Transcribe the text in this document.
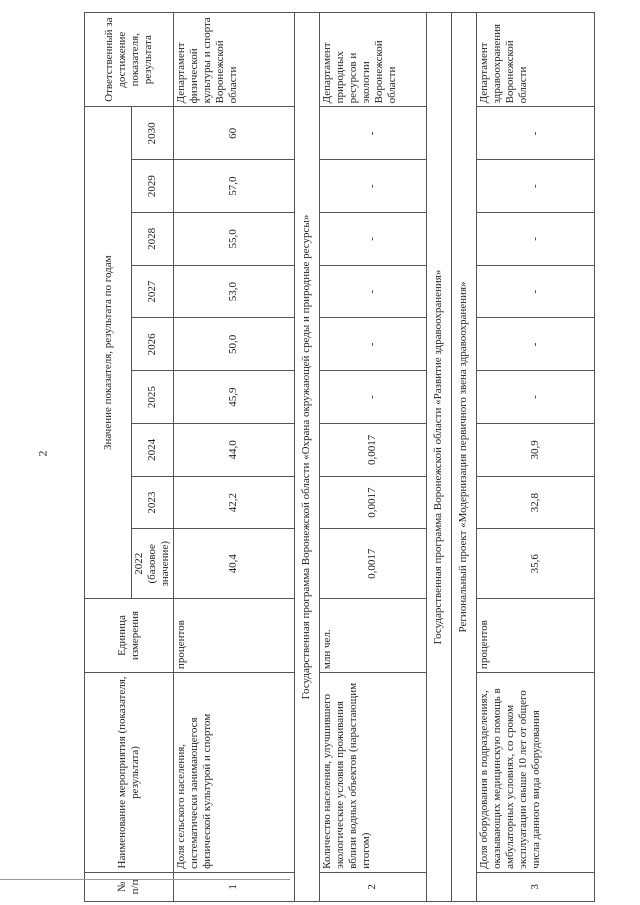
2
№ п/п	Наименование мероприятия (показателя, результата)	Единица измерения	Значение показателя, результата по годам									Ответственный за достижение показателя, результата
			2022 (базовое значение)	2023	2024	2025	2026	2027	2028	2029	2030	
1	Доля сельского населения, систематически занимающегося физической культурой и спортом	процентов	40,4	42,2	44,0	45,9	50,0	53,0	55,0	57,0	60	Департамент физической культуры и спорта Воронежской области
Государственная программа Воронежской области «Охрана окружающей среды и природные ресурсы»												
2	Количество населения, улучшившего экологические условия проживания вблизи водных объектов (нарастающим итогом)	млн чел.	0,0017	0,0017	0,0017	-	-	-	-	-	-	Департамент природных ресурсов и экологии Воронежской области
Государственная программа Воронежской области «Развитие здравоохранения»												
Региональный проект «Модернизация первичного звена здравоохранения»												
3	Доля оборудования в подразделениях, оказывающих медицинскую помощь в амбулаторных условиях, со сроком эксплуатации свыше 10 лет от общего числа данного вида оборудования	процентов	35,6	32,8	30,9	-	-	-	-	-	-	Департамент здравоохранения Воронежской области
